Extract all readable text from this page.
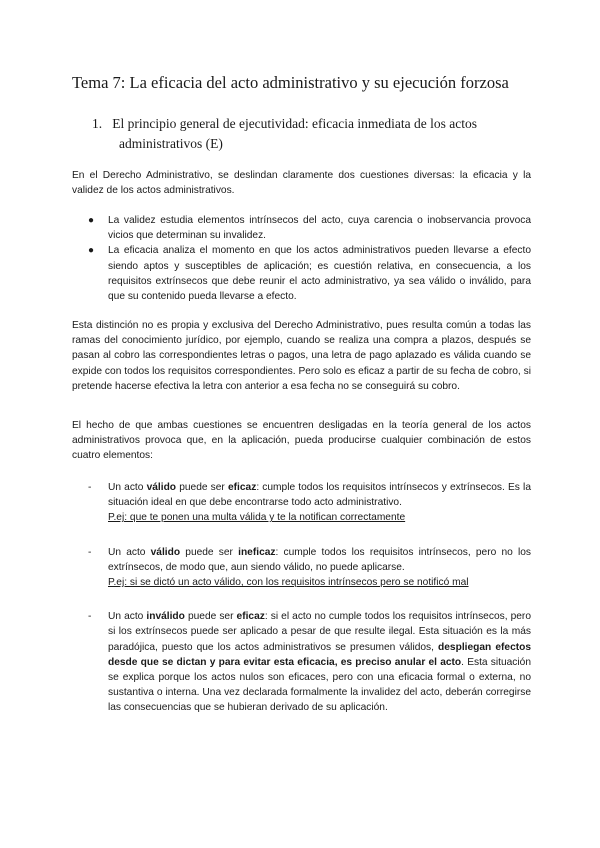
Tema 7: La eficacia del acto administrativo y su ejecución forzosa
1. El principio general de ejecutividad: eficacia inmediata de los actos administrativos (E)

En el Derecho Administrativo, se deslindan claramente dos cuestiones diversas: la eficacia y la validez de los actos administrativos.

● La validez estudia elementos intrínsecos del acto, cuya carencia o inobservancia provoca vicios que determinan su invalidez.
● La eficacia analiza el momento en que los actos administrativos pueden llevarse a efecto siendo aptos y susceptibles de aplicación; es cuestión relativa, en consecuencia, a los requisitos extrínsecos que debe reunir el acto administrativo, ya sea válido o inválido, para que su contenido pueda llevarse a efecto.

Esta distinción no es propia y exclusiva del Derecho Administrativo, pues resulta común a todas las ramas del conocimiento jurídico, por ejemplo, cuando se realiza una compra a plazos, después se pasan al cobro las correspondientes letras o pagos, una letra de pago aplazado es válida cuando se expide con todos los requisitos correspondientes. Pero solo es eficaz a partir de su fecha de cobro, si pretende hacerse efectiva la letra con anterior a esa fecha no se conseguirá su cobro.

El hecho de que ambas cuestiones se encuentren desligadas en la teoría general de los actos administrativos provoca que, en la aplicación, pueda producirse cualquier combinación de estos cuatro elementos:

- Un acto válido puede ser eficaz: cumple todos los requisitos intrínsecos y extrínsecos. Es la situación ideal en que debe encontrarse todo acto administrativo.
P.ej: que te ponen una multa válida y te la notifican correctamente
- Un acto válido puede ser ineficaz: cumple todos los requisitos intrínsecos, pero no los extrínsecos, de modo que, aun siendo válido, no puede aplicarse.
P.ej: si se dictó un acto válido, con los requisitos intrínsecos pero se notificó mal
- Un acto inválido puede ser eficaz: si el acto no cumple todos los requisitos intrínsecos, pero si los extrínsecos puede ser aplicado a pesar de que resulte ilegal. Esta situación es la más paradójica, puesto que los actos administrativos se presumen válidos, despliegan efectos desde que se dictan y para evitar esta eficacia, es preciso anular el acto. Esta situación se explica porque los actos nulos son eficaces, pero con una eficacia formal o externa, no sustantiva o interna. Una vez declarada formalmente la invalidez del acto, deberán corregirse las consecuencias que se hubieran derivado de su aplicación.
